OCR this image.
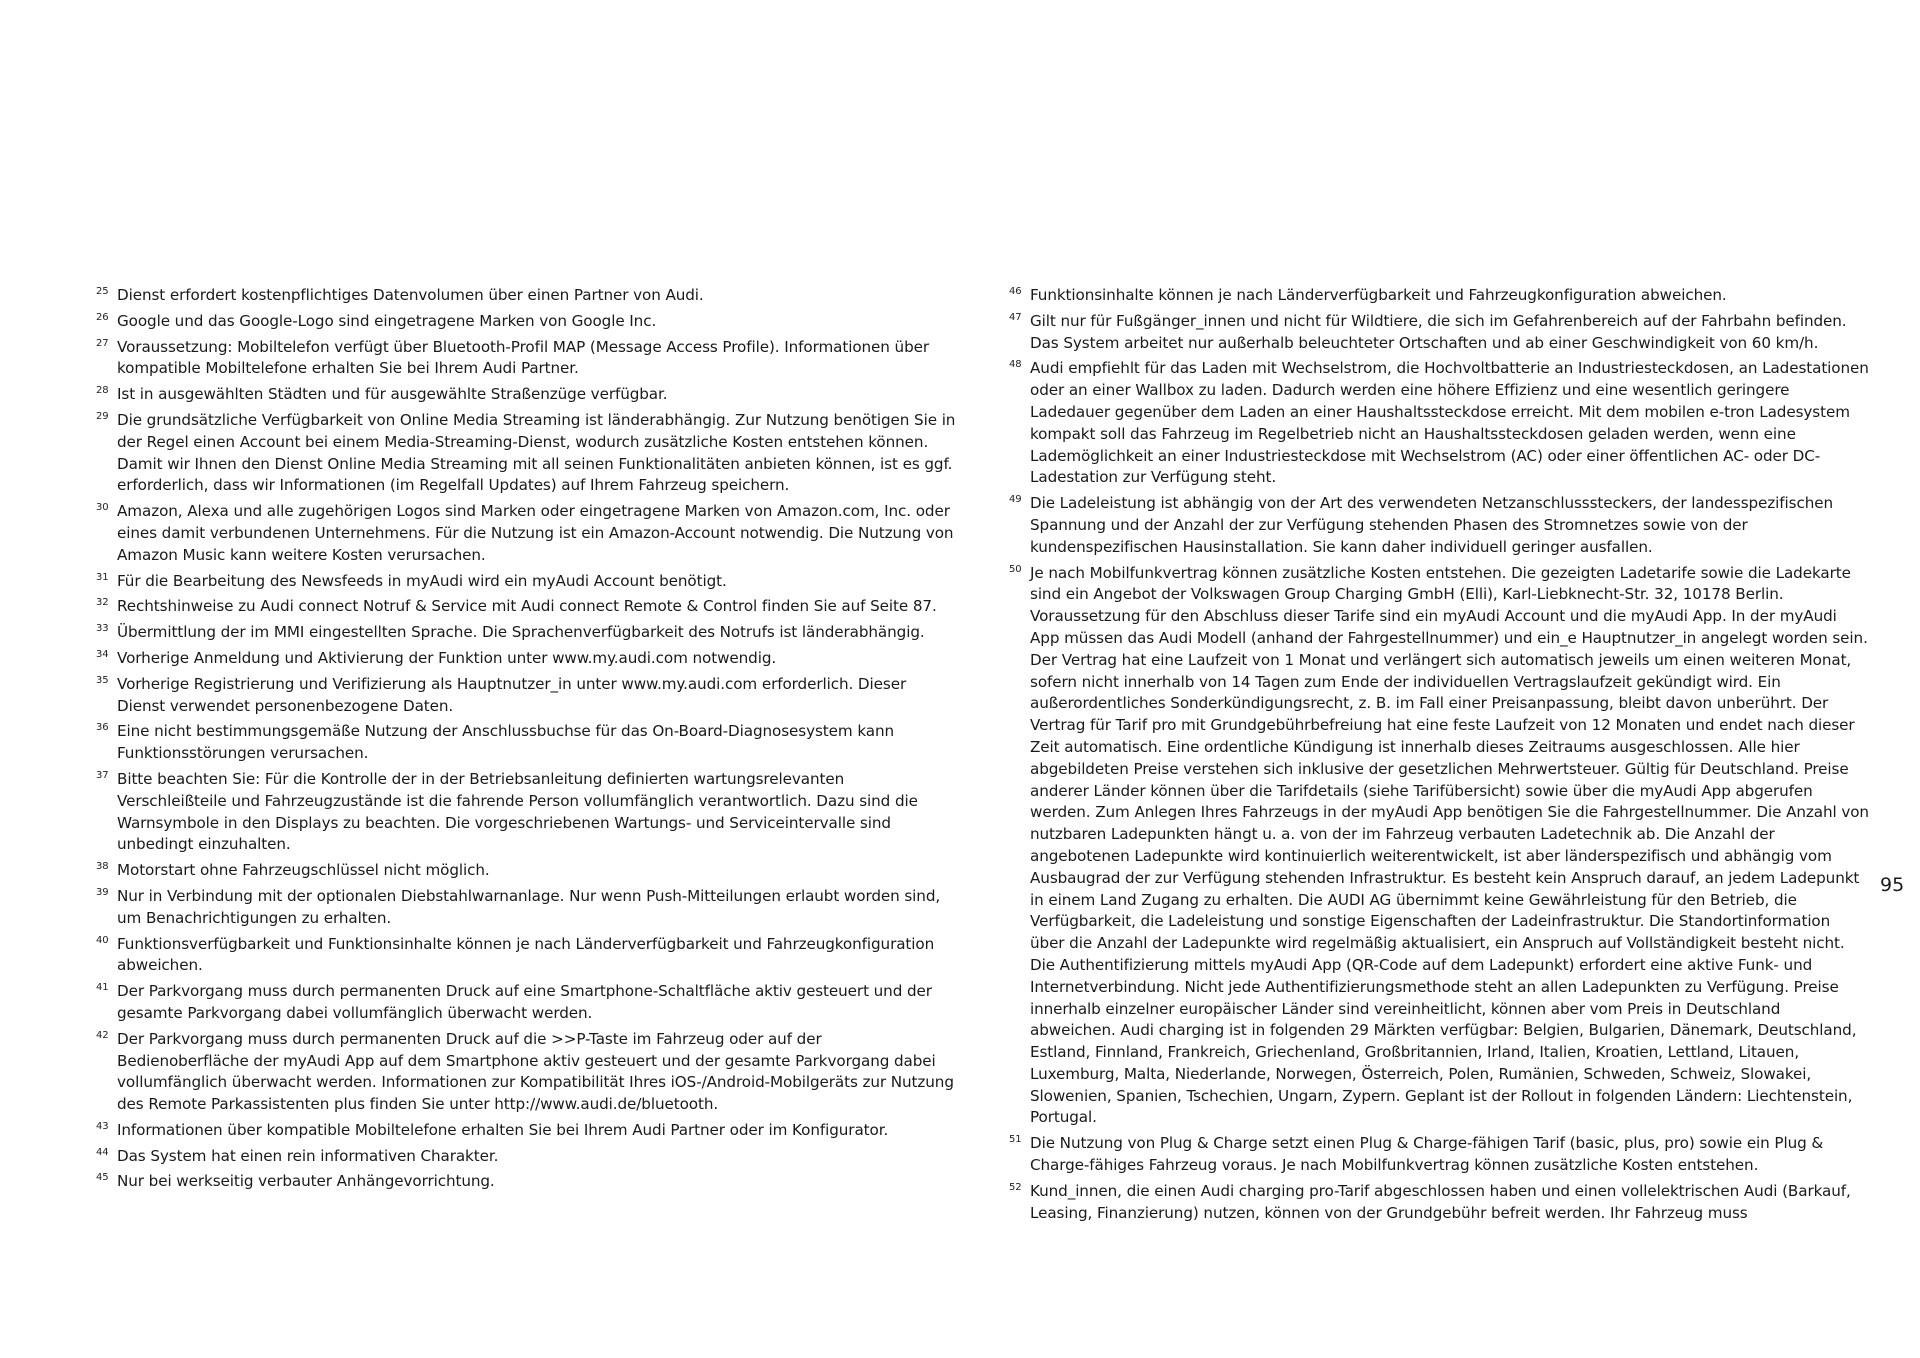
25 Dienst erfordert kostenpflichtiges Datenvolumen über einen Partner von Audi.
26 Google und das Google-Logo sind eingetragene Marken von Google Inc.
27 Voraussetzung: Mobiltelefon verfügt über Bluetooth-Profil MAP (Message Access Profile). Informationen über kompatible Mobiltelefone erhalten Sie bei Ihrem Audi Partner.
28 Ist in ausgewählten Städten und für ausgewählte Straßenzüge verfügbar.
29 Die grundsätzliche Verfügbarkeit von Online Media Streaming ist länderabhängig. Zur Nutzung benötigen Sie in der Regel einen Account bei einem Media-Streaming-Dienst, wodurch zusätzliche Kosten entstehen können. Damit wir Ihnen den Dienst Online Media Streaming mit all seinen Funktionalitäten anbieten können, ist es ggf. erforderlich, dass wir Informationen (im Regelfall Updates) auf Ihrem Fahrzeug speichern.
30 Amazon, Alexa und alle zugehörigen Logos sind Marken oder eingetragene Marken von Amazon.com, Inc. oder eines damit verbundenen Unternehmens. Für die Nutzung ist ein Amazon-Account notwendig. Die Nutzung von Amazon Music kann weitere Kosten verursachen.
31 Für die Bearbeitung des Newsfeeds in myAudi wird ein myAudi Account benötigt.
32 Rechtshinweise zu Audi connect Notruf & Service mit Audi connect Remote & Control finden Sie auf Seite 87.
33 Übermittlung der im MMI eingestellten Sprache. Die Sprachenverfügbarkeit des Notrufs ist länderabhängig.
34 Vorherige Anmeldung und Aktivierung der Funktion unter www.my.audi.com notwendig.
35 Vorherige Registrierung und Verifizierung als Hauptnutzer_in unter www.my.audi.com erforderlich. Dieser Dienst verwendet personenbezogene Daten.
36 Eine nicht bestimmungsgemäße Nutzung der Anschlussbuchse für das On-Board-Diagnosesystem kann Funktionsstörungen verursachen.
37 Bitte beachten Sie: Für die Kontrolle der in der Betriebsanleitung definierten wartungsrelevanten Verschleißteile und Fahrzeugzustände ist die fahrende Person vollumfänglich verantwortlich. Dazu sind die Warnsymbole in den Displays zu beachten. Die vorgeschriebenen Wartungs- und Serviceintervalle sind unbedingt einzuhalten.
38 Motorstart ohne Fahrzeugschlüssel nicht möglich.
39 Nur in Verbindung mit der optionalen Diebstahlwarnanlage. Nur wenn Push-Mitteilungen erlaubt worden sind, um Benachrichtigungen zu erhalten.
40 Funktionsverfügbarkeit und Funktionsinhalte können je nach Länderverfügbarkeit und Fahrzeugkonfiguration abweichen.
41 Der Parkvorgang muss durch permanenten Druck auf eine Smartphone-Schaltfläche aktiv gesteuert und der gesamte Parkvorgang dabei vollumfänglich überwacht werden.
42 Der Parkvorgang muss durch permanenten Druck auf die >>P-Taste im Fahrzeug oder auf der Bedienoberfläche der myAudi App auf dem Smartphone aktiv gesteuert und der gesamte Parkvorgang dabei vollumfänglich überwacht werden. Informationen zur Kompatibilität Ihres iOS-/Android-Mobilgeräts zur Nutzung des Remote Parkassistenten plus finden Sie unter http://www.audi.de/bluetooth.
43 Informationen über kompatible Mobiltelefone erhalten Sie bei Ihrem Audi Partner oder im Konfigurator.
44 Das System hat einen rein informativen Charakter.
45 Nur bei werkseitig verbauter Anhängevorrichtung.
46 Funktionsinhalte können je nach Länderverfügbarkeit und Fahrzeugkonfiguration abweichen.
47 Gilt nur für Fußgänger_innen und nicht für Wildtiere, die sich im Gefahrenbereich auf der Fahrbahn befinden. Das System arbeitet nur außerhalb beleuchteter Ortschaften und ab einer Geschwindigkeit von 60 km/h.
48 Audi empfiehlt für das Laden mit Wechselstrom, die Hochvoltbatterie an Industriesteckdosen, an Ladestationen oder an einer Wallbox zu laden. Dadurch werden eine höhere Effizienz und eine wesentlich geringere Ladedauer gegenüber dem Laden an einer Haushaltssteckdose erreicht. Mit dem mobilen e-tron Ladesystem kompakt soll das Fahrzeug im Regelbetrieb nicht an Haushaltssteckdosen geladen werden, wenn eine Lademöglichkeit an einer Industriesteckdose mit Wechselstrom (AC) oder einer öffentlichen AC- oder DC-Ladestation zur Verfügung steht.
49 Die Ladeleistung ist abhängig von der Art des verwendeten Netzanschlusssteckers, der landesspezifischen Spannung und der Anzahl der zur Verfügung stehenden Phasen des Stromnetzes sowie von der kundenspezifischen Hausinstallation. Sie kann daher individuell geringer ausfallen.
50 Je nach Mobilfunkvertrag können zusätzliche Kosten entstehen. Die gezeigten Ladetarife sowie die Ladekarte sind ein Angebot der Volkswagen Group Charging GmbH (Elli), Karl-Liebknecht-Str. 32, 10178 Berlin. Voraussetzung für den Abschluss dieser Tarife sind ein myAudi Account und die myAudi App. In der myAudi App müssen das Audi Modell (anhand der Fahrgestellnummer) und ein_e Hauptnutzer_in angelegt worden sein. Der Vertrag hat eine Laufzeit von 1 Monat und verlängert sich automatisch jeweils um einen weiteren Monat, sofern nicht innerhalb von 14 Tagen zum Ende der individuellen Vertragslaufzeit gekündigt wird. Ein außerordentliches Sonderkündigungsrecht, z. B. im Fall einer Preisanpassung, bleibt davon unberührt. Der Vertrag für Tarif pro mit Grundgebührbefreiung hat eine feste Laufzeit von 12 Monaten und endet nach dieser Zeit automatisch. Eine ordentliche Kündigung ist innerhalb dieses Zeitraums ausgeschlossen. Alle hier abgebildeten Preise verstehen sich inklusive der gesetzlichen Mehrwertsteuer. Gültig für Deutschland. Preise anderer Länder können über die Tarifdetails (siehe Tarifübersicht) sowie über die myAudi App abgerufen werden. Zum Anlegen Ihres Fahrzeugs in der myAudi App benötigen Sie die Fahrgestellnummer. Die Anzahl von nutzbaren Ladepunkten hängt u. a. von der im Fahrzeug verbauten Ladetechnik ab. Die Anzahl der angebotenen Ladepunkte wird kontinuierlich weiterentwickelt, ist aber länderspezifisch und abhängig vom Ausbaugrad der zur Verfügung stehenden Infrastruktur. Es besteht kein Anspruch darauf, an jedem Ladepunkt in einem Land Zugang zu erhalten. Die AUDI AG übernimmt keine Gewährleistung für den Betrieb, die Verfügbarkeit, die Ladeleistung und sonstige Eigenschaften der Ladeinfrastruktur. Die Standortinformation über die Anzahl der Ladepunkte wird regelmäßig aktualisiert, ein Anspruch auf Vollständigkeit besteht nicht. Die Authentifizierung mittels myAudi App (QR-Code auf dem Ladepunkt) erfordert eine aktive Funk- und Internetverbindung. Nicht jede Authentifizierungsmethode steht an allen Ladepunkten zu Verfügung. Preise innerhalb einzelner europäischer Länder sind vereinheitlicht, können aber vom Preis in Deutschland abweichen. Audi charging ist in folgenden 29 Märkten verfügbar: Belgien, Bulgarien, Dänemark, Deutschland, Estland, Finnland, Frankreich, Griechenland, Großbritannien, Irland, Italien, Kroatien, Lettland, Litauen, Luxemburg, Malta, Niederlande, Norwegen, Österreich, Polen, Rumänien, Schweden, Schweiz, Slowakei, Slowenien, Spanien, Tschechien, Ungarn, Zypern. Geplant ist der Rollout in folgenden Ländern: Liechtenstein, Portugal.
51 Die Nutzung von Plug & Charge setzt einen Plug & Charge-fähigen Tarif (basic, plus, pro) sowie ein Plug & Charge-fähiges Fahrzeug voraus. Je nach Mobilfunkvertrag können zusätzliche Kosten entstehen.
52 Kund_innen, die einen Audi charging pro-Tarif abgeschlossen haben und einen vollelektrischen Audi (Barkauf, Leasing, Finanzierung) nutzen, können von der Grundgebühr befreit werden. Ihr Fahrzeug muss
95
